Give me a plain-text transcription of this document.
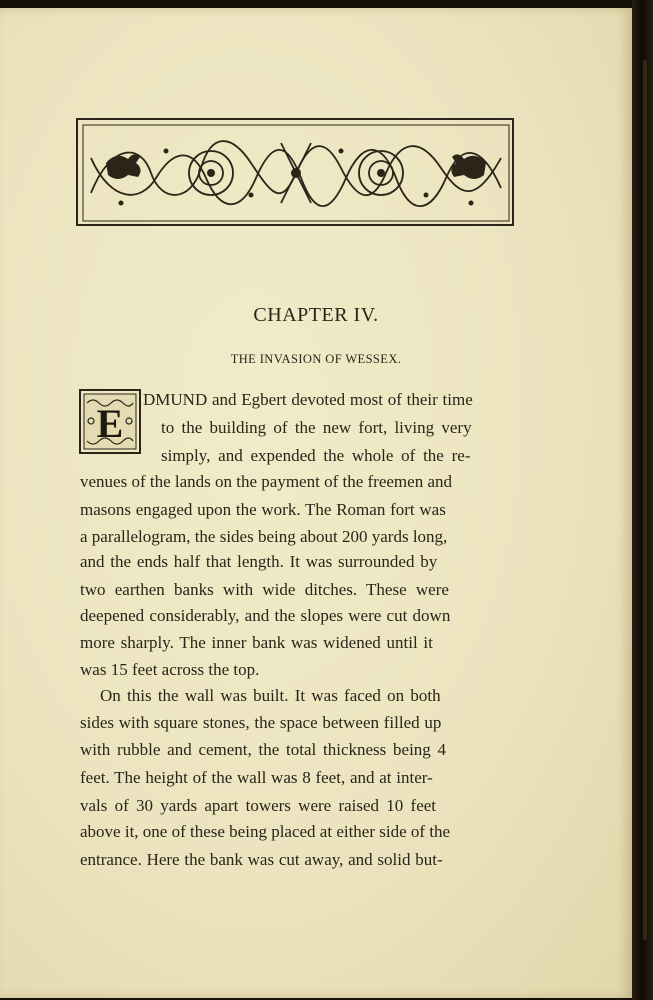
CHAPTER IV.
THE INVASION OF WESSEX.
E

DMUND and Egbert devoted most of their time

to the building of the new fort, living very

simply, and expended the whole of the re-

venues of the lands on the payment of the freemen and

masons engaged upon the work. The Roman fort was

a parallelogram, the sides being about 200 yards long,

and the ends half that length. It was surrounded by

two earthen banks with wide ditches. These were

deepened considerably, and the slopes were cut down

more sharply. The inner bank was widened until it

was 15 feet across the top.

On this the wall was built. It was faced on both

sides with square stones, the space between filled up

with rubble and cement, the total thickness being 4

feet. The height of the wall was 8 feet, and at inter-

vals of 30 yards apart towers were raised 10 feet

above it, one of these being placed at either side of the

entrance. Here the bank was cut away, and solid but-
